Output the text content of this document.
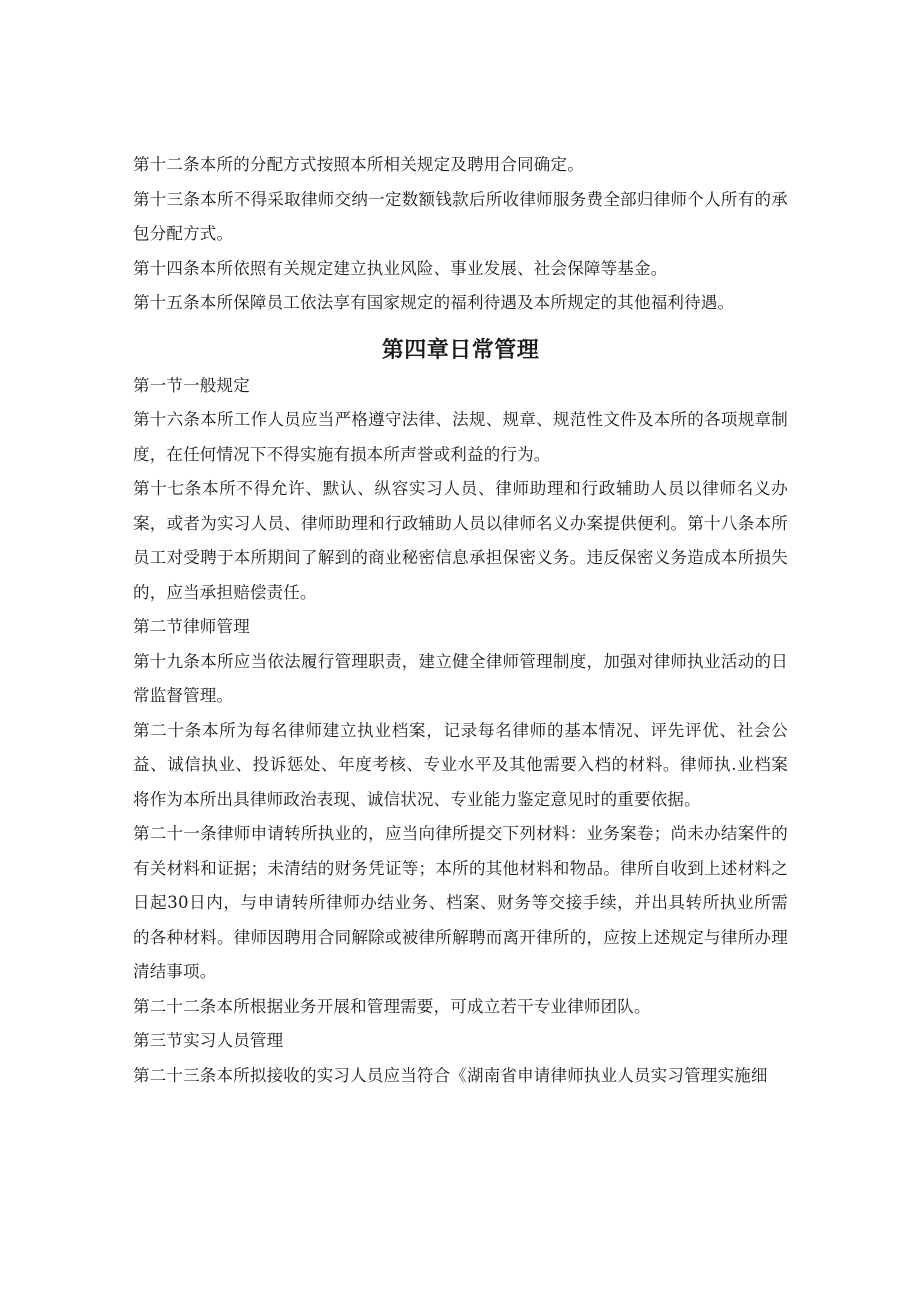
第十二条本所的分配方式按照本所相关规定及聘用合同确定。

第十三条本所不得采取律师交纳一定数额钱款后所收律师服务费全部归律师个人所有的承包分配方式。

第十四条本所依照有关规定建立执业风险、事业发展、社会保障等基金。

第十五条本所保障员工依法享有国家规定的福利待遇及本所规定的其他福利待遇。

第四章日常管理

第一节一般规定

第十六条本所工作人员应当严格遵守法律、法规、规章、规范性文件及本所的各项规章制度，在任何情况下不得实施有损本所声誉或利益的行为。

第十七条本所不得允许、默认、纵容实习人员、律师助理和行政辅助人员以律师名义办案，或者为实习人员、律师助理和行政辅助人员以律师名义办案提供便利。第十八条本所员工对受聘于本所期间了解到的商业秘密信息承担保密义务。违反保密义务造成本所损失的，应当承担赔偿责任。

第二节律师管理

第十九条本所应当依法履行管理职责，建立健全律师管理制度，加强对律师执业活动的日常监督管理。

第二十条本所为每名律师建立执业档案，记录每名律师的基本情况、评先评优、社会公益、诚信执业、投诉惩处、年度考核、专业水平及其他需要入档的材料。律师执.业档案将作为本所出具律师政治表现、诚信状况、专业能力鉴定意见时的重要依据。

第二十一条律师申请转所执业的，应当向律所提交下列材料：业务案卷；尚未办结案件的有关材料和证据；未清结的财务凭证等；本所的其他材料和物品。律所自收到上述材料之日起30日内，与申请转所律师办结业务、档案、财务等交接手续，并出具转所执业所需的各种材料。律师因聘用合同解除或被律所解聘而离开律所的，应按上述规定与律所办理清结事项。

第二十二条本所根据业务开展和管理需要，可成立若干专业律师团队。

第三节实习人员管理

第二十三条本所拟接收的实习人员应当符合《湖南省申请律师执业人员实习管理实施细
